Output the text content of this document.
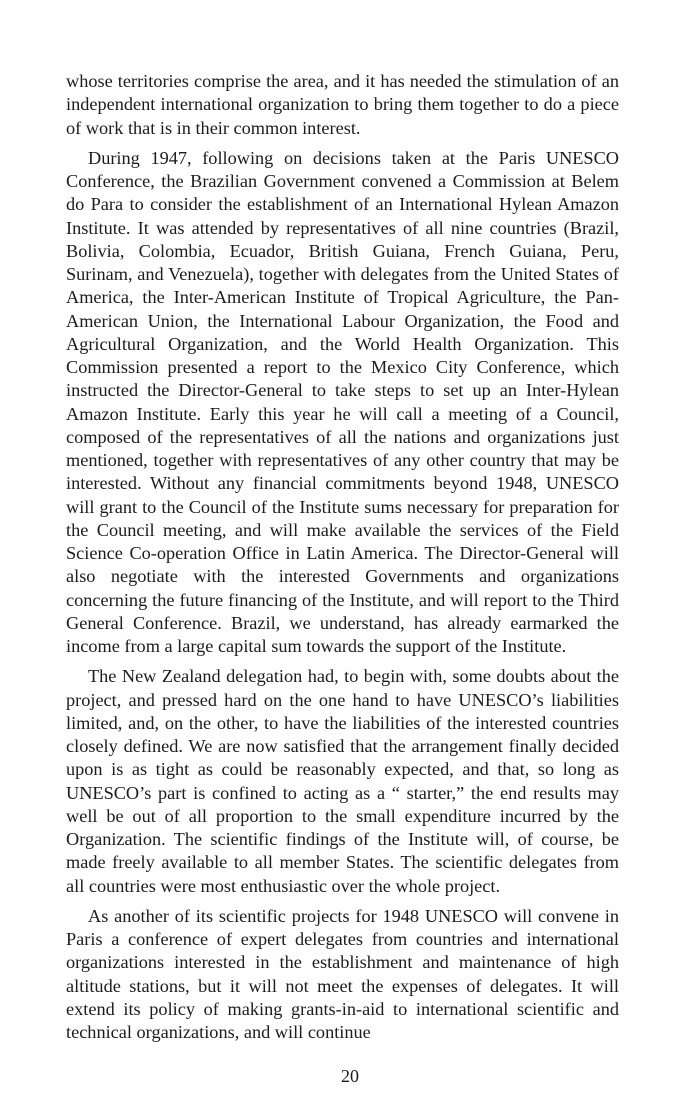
whose territories comprise the area, and it has needed the stimulation of an independent international organization to bring them together to do a piece of work that is in their common interest.

During 1947, following on decisions taken at the Paris UNESCO Conference, the Brazilian Government convened a Commission at Belem do Para to consider the establishment of an International Hylean Amazon Institute. It was attended by representatives of all nine countries (Brazil, Bolivia, Colombia, Ecuador, British Guiana, French Guiana, Peru, Surinam, and Venezuela), together with delegates from the United States of America, the Inter-American Institute of Tropical Agriculture, the Pan-American Union, the International Labour Organization, the Food and Agricultural Organization, and the World Health Organization. This Commission presented a report to the Mexico City Conference, which instructed the Director-General to take steps to set up an Inter-Hylean Amazon Institute. Early this year he will call a meeting of a Council, composed of the representatives of all the nations and organizations just mentioned, together with representatives of any other country that may be interested. Without any financial commitments beyond 1948, UNESCO will grant to the Council of the Institute sums necessary for preparation for the Council meeting, and will make available the services of the Field Science Co-operation Office in Latin America. The Director-General will also negotiate with the interested Governments and organizations concerning the future financing of the Institute, and will report to the Third General Conference. Brazil, we understand, has already earmarked the income from a large capital sum towards the support of the Institute.

The New Zealand delegation had, to begin with, some doubts about the project, and pressed hard on the one hand to have UNESCO’s liabilities limited, and, on the other, to have the liabilities of the interested countries closely defined. We are now satisfied that the arrangement finally decided upon is as tight as could be reasonably expected, and that, so long as UNESCO’s part is confined to acting as a “ starter,” the end results may well be out of all proportion to the small expenditure incurred by the Organization. The scientific findings of the Institute will, of course, be made freely available to all member States. The scientific delegates from all countries were most enthusiastic over the whole project.

As another of its scientific projects for 1948 UNESCO will convene in Paris a conference of expert delegates from countries and international organizations interested in the establishment and maintenance of high altitude stations, but it will not meet the expenses of delegates. It will extend its policy of making grants-in-aid to international scientific and technical organizations, and will continue

20
